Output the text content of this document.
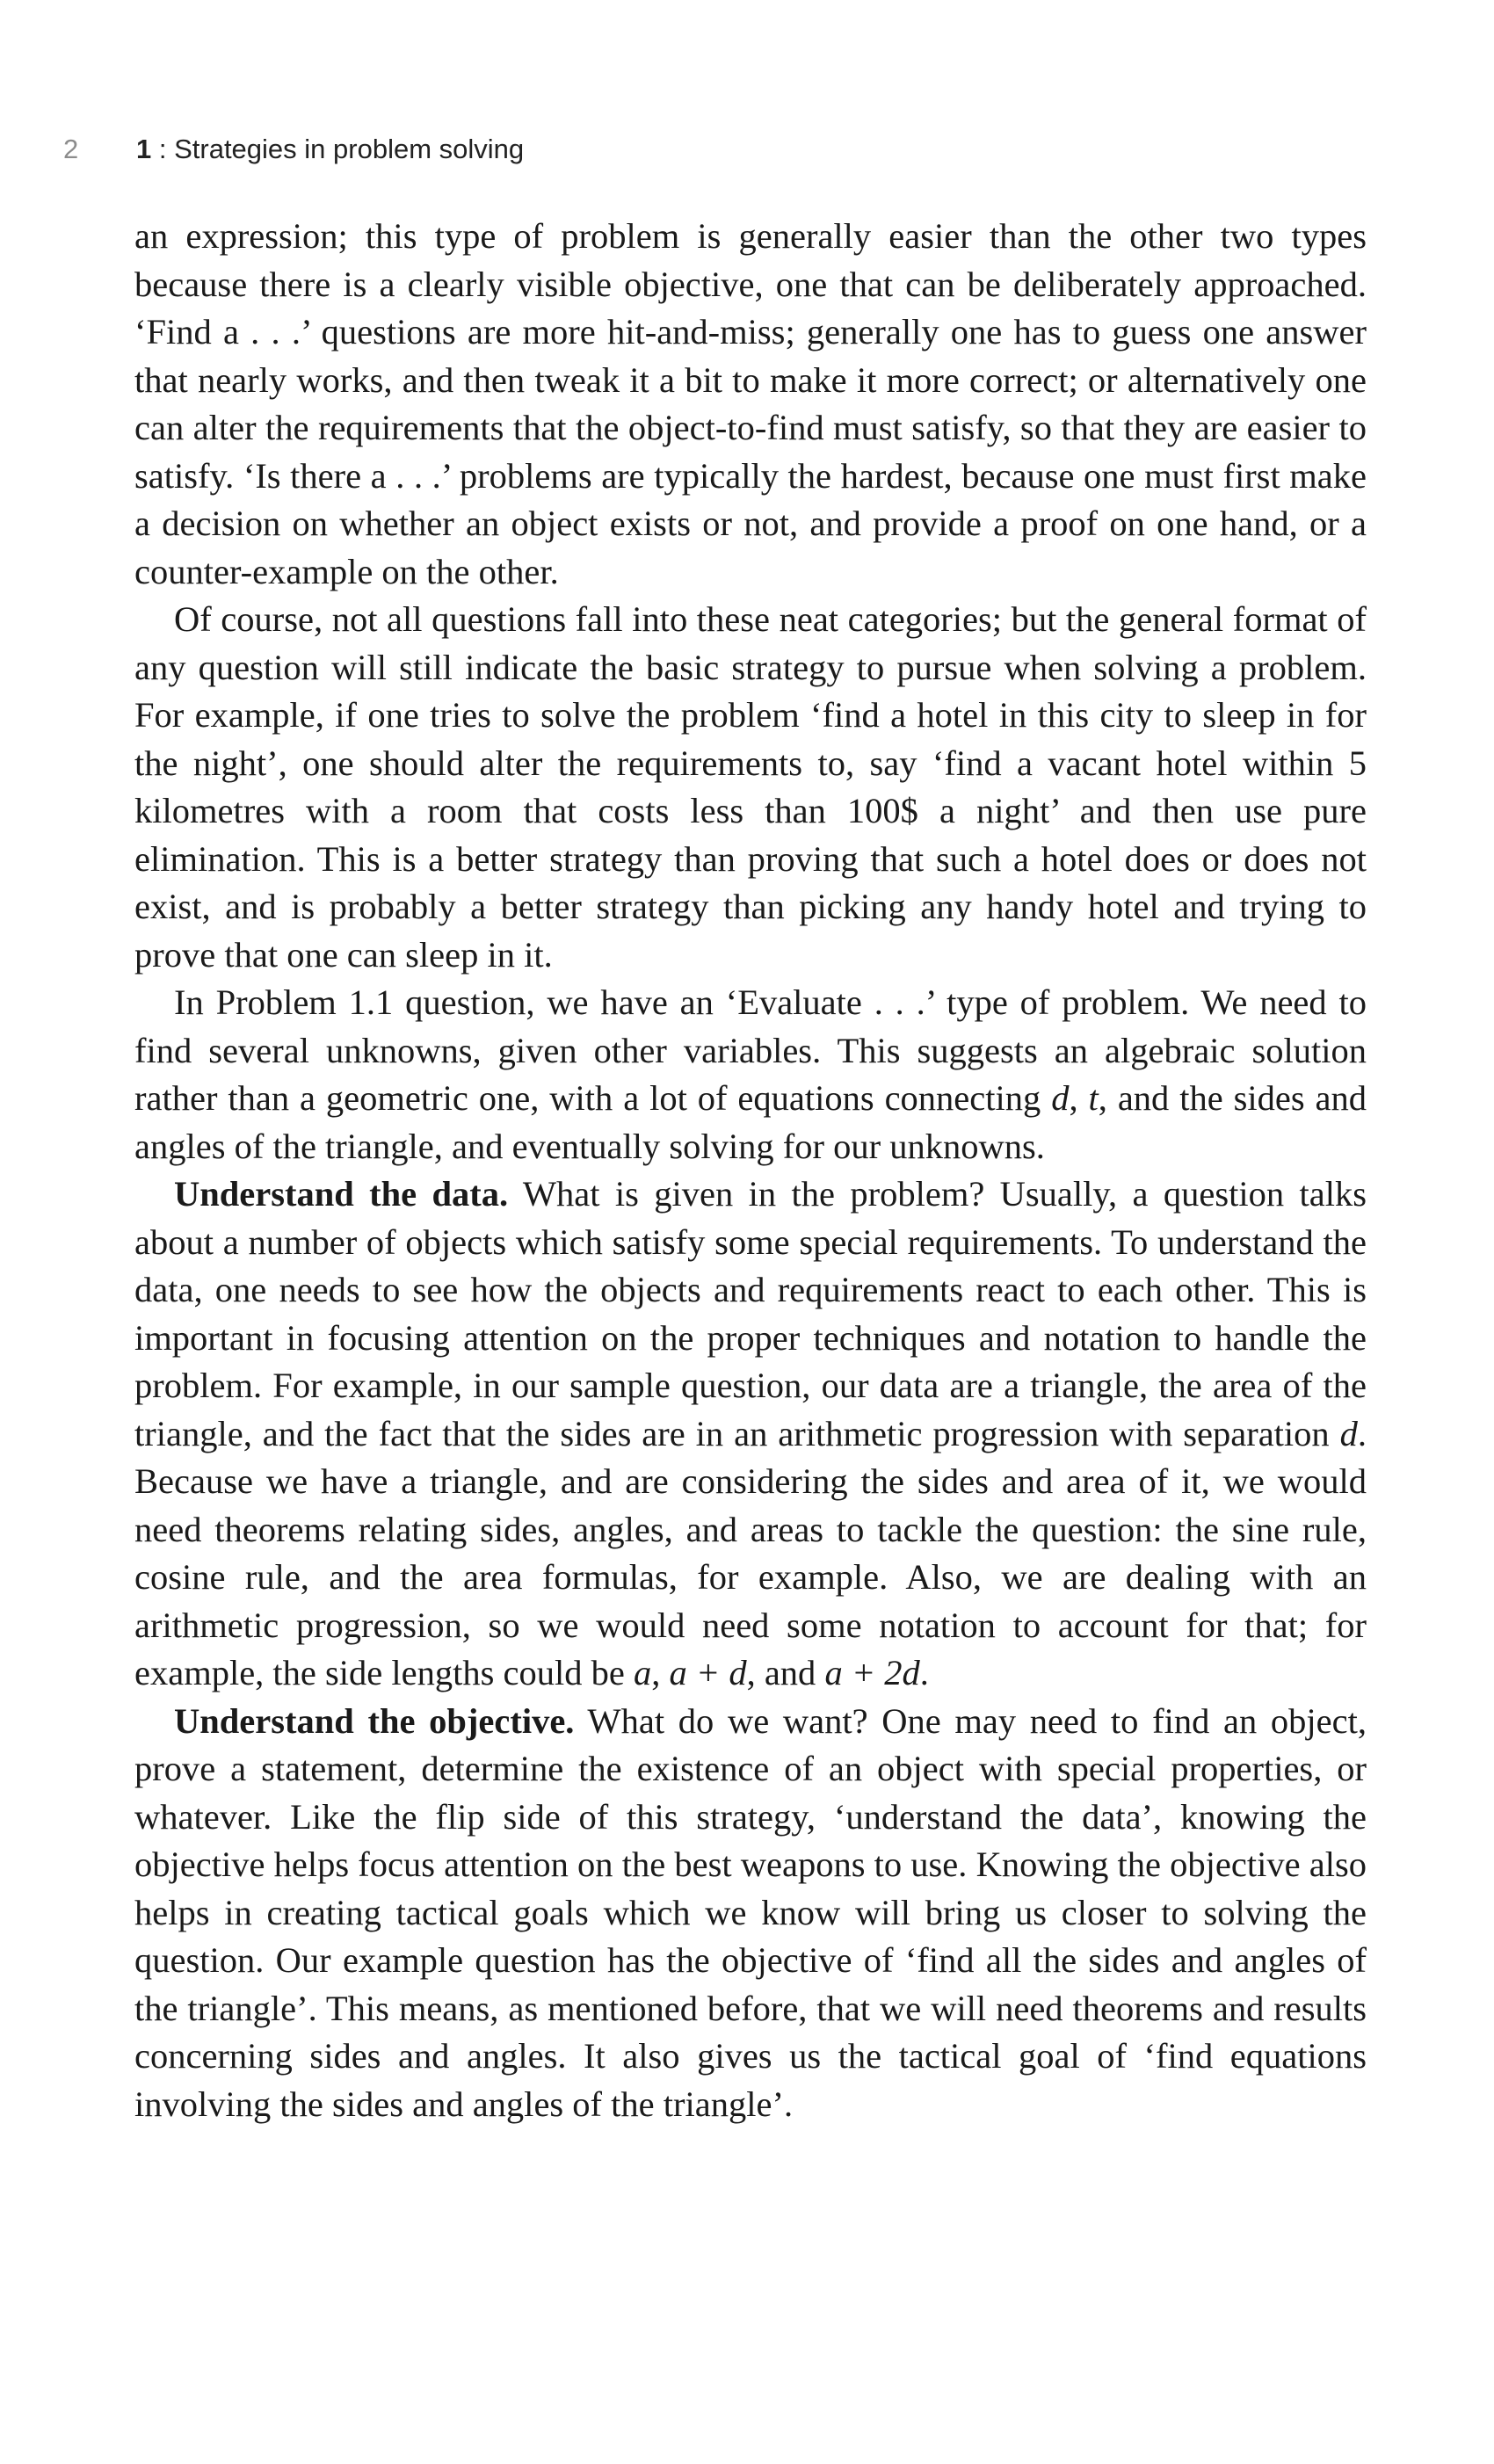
2 1 : Strategies in problem solving

an expression; this type of problem is generally easier than the other two types because there is a clearly visible objective, one that can be deliberately approached. ‘Find a . . .’ questions are more hit-and-miss; generally one has to guess one answer that nearly works, and then tweak it a bit to make it more correct; or alternatively one can alter the requirements that the object-to-find must satisfy, so that they are easier to satisfy. ‘Is there a . . .’ problems are typically the hardest, because one must first make a decision on whether an object exists or not, and provide a proof on one hand, or a counter-example on the other.

Of course, not all questions fall into these neat categories; but the general format of any question will still indicate the basic strategy to pursue when solving a problem. For example, if one tries to solve the problem ‘find a hotel in this city to sleep in for the night’, one should alter the requirements to, say ‘find a vacant hotel within 5 kilometres with a room that costs less than 100$ a night’ and then use pure elimination. This is a better strategy than proving that such a hotel does or does not exist, and is probably a better strategy than picking any handy hotel and trying to prove that one can sleep in it.

In Problem 1.1 question, we have an ‘Evaluate . . .’ type of problem. We need to find several unknowns, given other variables. This suggests an algebraic solution rather than a geometric one, with a lot of equations connecting d, t, and the sides and angles of the triangle, and eventually solving for our unknowns.

Understand the data. What is given in the problem? Usually, a question talks about a number of objects which satisfy some special requirements. To understand the data, one needs to see how the objects and requirements react to each other. This is important in focusing attention on the proper techniques and notation to handle the problem. For example, in our sample question, our data are a triangle, the area of the triangle, and the fact that the sides are in an arithmetic progression with separation d. Because we have a triangle, and are considering the sides and area of it, we would need theorems relating sides, angles, and areas to tackle the question: the sine rule, cosine rule, and the area formulas, for example. Also, we are dealing with an arithmetic progression, so we would need some notation to account for that; for example, the side lengths could be a, a + d, and a + 2d.

Understand the objective. What do we want? One may need to find an object, prove a statement, determine the existence of an object with special properties, or whatever. Like the flip side of this strategy, ‘understand the data’, knowing the objective helps focus attention on the best weapons to use. Knowing the objective also helps in creating tactical goals which we know will bring us closer to solving the question. Our example question has the objective of ‘find all the sides and angles of the triangle’. This means, as mentioned before, that we will need theorems and results concerning sides and angles. It also gives us the tactical goal of ‘find equations involving the sides and angles of the triangle’.
